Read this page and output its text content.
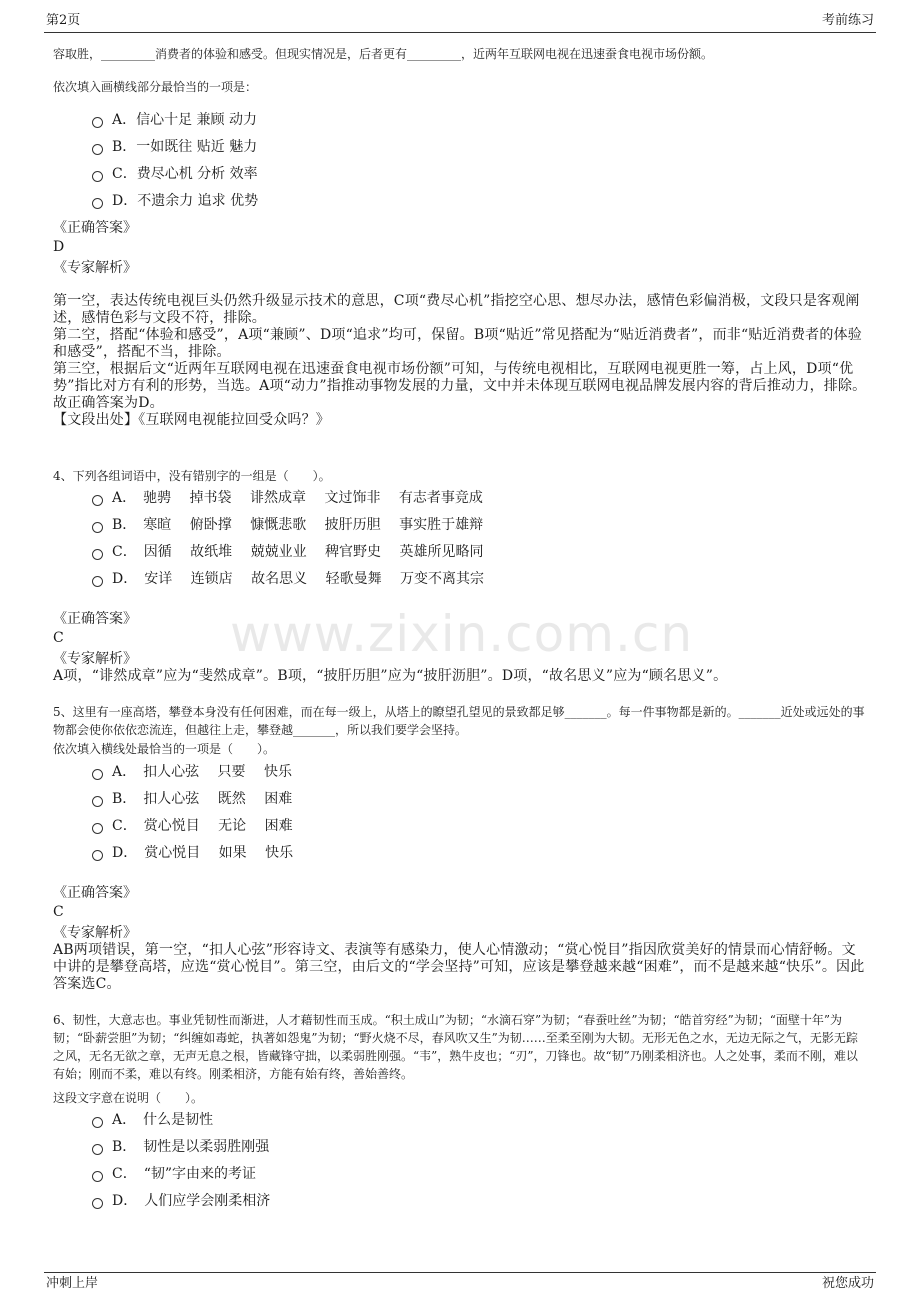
第2页	考前练习
www.zixin.com.cn
容取胜，_________消费者的体验和感受。但现实情况是，后者更有_________，近两年互联网电视在迅速蚕食电视市场份额。
依次填入画横线部分最恰当的一项是：
A．信心十足 兼顾 动力
B．一如既往 贴近 魅力
C．费尽心机 分析 效率
D．不遗余力 追求 优势
《正确答案》
D
《专家解析》

第一空，表达传统电视巨头仍然升级显示技术的意思，C项“费尽心机”指挖空心思、想尽办法，感情色彩偏消极，文段只是客观阐述，感情色彩与文段不符，排除。

第二空，搭配“体验和感受”，A项“兼顾”、D项“追求”均可，保留。B项“贴近”常见搭配为“贴近消费者”，而非“贴近消费者的体验和感受”，搭配不当，排除。

第三空，根据后文“近两年互联网电视在迅速蚕食电视市场份额”可知，与传统电视相比，互联网电视更胜一筹，占上风，D项“优势”指比对方有利的形势，当选。A项“动力”指推动事物发展的力量，文中并未体现互联网电视品牌发展内容的背后推动力，排除。

故正确答案为D。

【文段出处】《互联网电视能拉回受众吗？》

4、下列各组词语中，没有错别字的一组是（　　）。
A．　驰骋　 掉书袋　 诽然成章　 文过饰非　 有志者事竞成
B．　寒暄　 俯卧撑　 慷慨悲歌　 披肝历胆　 事实胜于雄辩
C．　因循　 故纸堆　 兢兢业业　 稗官野史　 英雄所见略同
D．　安详　 连锁店　 故名思义　 轻歌曼舞　 万变不离其宗
《正确答案》
C
《专家解析》
A项，“诽然成章”应为“斐然成章”。B项，“披肝历胆”应为“披肝沥胆”。D项，“故名思义”应为“顾名思义”。
5、这里有一座高塔，攀登本身没有任何困难，而在每一级上，从塔上的瞭望孔望见的景致都足够_______。每一件事物都是新的。_______近处或远处的事物都会使你依依恋流连，但越往上走，攀登越_______，所以我们要学会坚持。
依次填入横线处最恰当的一项是（　　）。
A．　扣人心弦　 只要　 快乐
B．　扣人心弦　 既然　 困难
C．　赏心悦目　 无论　 困难
D．　赏心悦目　 如果　 快乐
《正确答案》
C
《专家解析》
AB两项错误，第一空，“扣人心弦”形容诗文、表演等有感染力，使人心情激动；“赏心悦目”指因欣赏美好的情景而心情舒畅。文中讲的是攀登高塔，应选“赏心悦目”。第三空，由后文的“学会坚持”可知，应该是攀登越来越“困难”，而不是越来越“快乐”。因此答案选C。
6、韧性，大意志也。事业凭韧性而渐进，人才藉韧性而玉成。“积土成山”为韧；“水滴石穿”为韧；“春蚕吐丝”为韧；“皓首穷经”为韧；“面壁十年”为韧；“卧薪尝胆”为韧；“纠缠如毒蛇，执著如怨鬼”为韧；“野火烧不尽，春风吹又生”为韧……至柔至刚为大韧。无形无色之水，无边无际之气，无影无踪之风，无名无欲之章，无声无息之根，皆藏锋守拙，以柔弱胜刚强。“韦”，熟牛皮也；“刃”，刀锋也。故“韧”乃刚柔相济也。人之处事，柔而不刚，难以有始；刚而不柔，难以有终。刚柔相济，方能有始有终，善始善终。
这段文字意在说明（　　）。
A．　什么是韧性
B．　韧性是以柔弱胜刚强
C．　“韧”字由来的考证
D．　人们应学会刚柔相济
冲刺上岸	祝您成功
